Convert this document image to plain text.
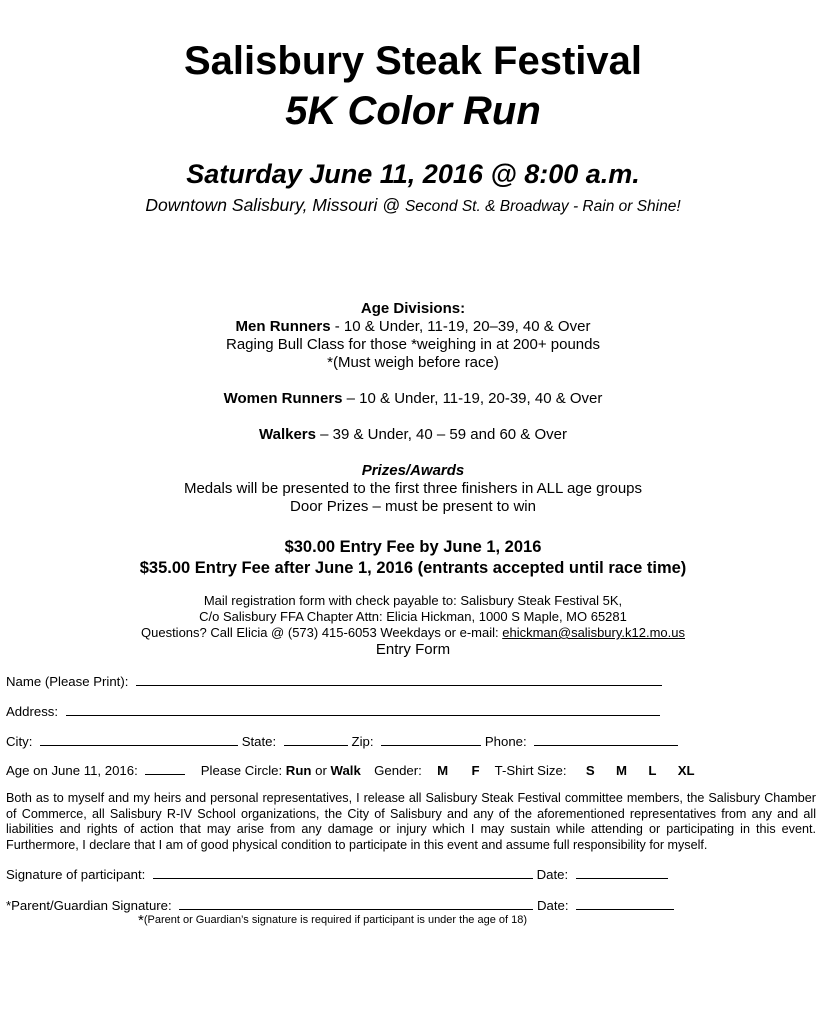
Salisbury Steak Festival
5K Color Run
Saturday June 11, 2016 @ 8:00 a.m.
Downtown Salisbury, Missouri @ Second St. & Broadway - Rain or Shine!
Age Divisions:
Men Runners - 10 & Under, 11-19, 20–39, 40 & Over
Raging Bull Class for those *weighing in at 200+ pounds
*(Must weigh before race)
Women Runners – 10 & Under, 11-19, 20-39, 40 & Over
Walkers – 39 & Under, 40 – 59 and 60 & Over
Prizes/Awards
Medals will be presented to the first three finishers in ALL age groups
Door Prizes – must be present to win
$30.00 Entry Fee by June 1, 2016
$35.00 Entry Fee after June 1, 2016 (entrants accepted until race time)
Mail registration form with check payable to: Salisbury Steak Festival 5K,
C/o Salisbury FFA Chapter Attn: Elicia Hickman, 1000 S Maple, MO 65281
Questions? Call Elicia @ (573) 415-6053 Weekdays or e-mail: ehickman@salisbury.k12.mo.us
Entry Form
Name (Please Print):
Address:
City:	State:	Zip:	Phone:
Age on June 11, 2016:	Please Circle: Run or Walk Gender: M F T-Shirt Size: S M L XL
Both as to myself and my heirs and personal representatives, I release all Salisbury Steak Festival committee members, the Salisbury Chamber of Commerce, all Salisbury R-IV School organizations, the City of Salisbury and any of the aforementioned representatives from any and all liabilities and rights of action that may arise from any damage or injury which I may sustain while attending or participating in this event. Furthermore, I declare that I am of good physical condition to participate in this event and assume full responsibility for myself.
Signature of participant:	Date:
*Parent/Guardian Signature:	Date:
*(Parent or Guardian’s signature is required if participant is under the age of 18)
